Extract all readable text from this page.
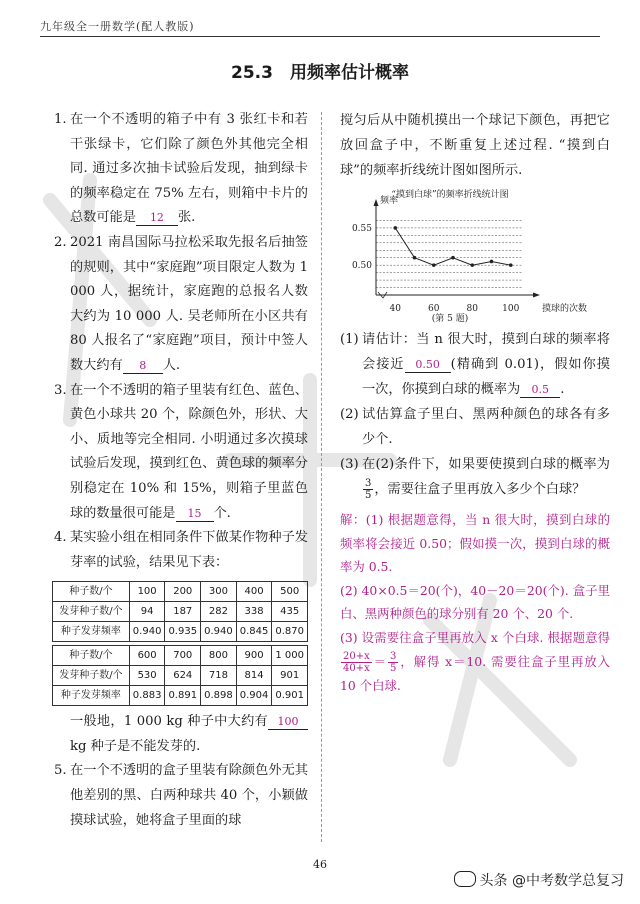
九年级全一册数学(配人教版)
25.3　用频率估计概率
1. 在一个不透明的箱子中有 3 张红卡和若干张绿卡，它们除了颜色外其他完全相同. 通过多次抽卡试验后发现，抽到绿卡的频率稳定在 75% 左右，则箱中卡片的总数可能是 12 张.
2. 2021 南昌国际马拉松采取先报名后抽签的规则，其中“家庭跑”项目限定人数为 1 000 人，据统计，家庭跑的总报名人数大约为 10 000 人. 吴老师所在小区共有 80 人报名了“家庭跑”项目，预计中签人数大约有 8 人.
3. 在一个不透明的箱子里装有红色、蓝色、黄色小球共 20 个，除颜色外，形状、大小、质地等完全相同. 小明通过多次摸球试验后发现，摸到红色、黄色球的频率分别稳定在 10% 和 15%，则箱子里蓝色球的数量很可能是 15 个.
4. 某实验小组在相同条件下做某作物种子发芽率的试验，结果见下表：
种子数/个	100	200	300	400	500
发芽种子数/个	94	187	282	338	435
种子发芽频率	0.940	0.935	0.940	0.845	0.870

种子数/个	600	700	800	900	1 000
发芽种子数/个	530	624	718	814	901
种子发芽频率	0.883	0.891	0.898	0.904	0.901
一般地，1 000 kg 种子中大约有 100kg 种子是不能发芽的.
5. 在一个不透明的盒子里装有除颜色外无其他差别的黑、白两种球共 40 个，小颖做摸球试验，她将盒子里面的球

搅匀后从中随机摸出一个球记下颜色，再把它放回盒子中，不断重复上述过程. “摸到白球”的频率折线统计图如图所示.

“摸到白球”的频率折线统计图
频率
摸球的次数
0.55
0.50
40	60	80	100
(第 5 题)

(1) 请估计：当 n 很大时，摸到白球的频率将会接近 0.50 (精确到 0.01)，假如你摸一次，你摸到白球的概率为 0.5 .

(2) 试估算盒子里白、黑两种颜色的球各有多少个.

(3) 在(2)条件下，如果要使摸到白球的概率为
$\frac{3}{5}$ ，需要往盒子里再放入多少个白球？

解：(1) 根据题意得，当 n 很大时，摸到白球的频率将会接近 0.50；假如摸一次，摸到白球的概率为 0.5.

(2) 40×0.5＝20(个)，40－20＝20(个). 盒子里白、黑两种颜色的球分别有 20 个、20 个.

(3) 设需要往盒子里再放入 x 个白球. 根据题意得
$\frac{20+x}{40+x} = \frac{3}{5}$ ，解得 x＝10. 需要往盒子里再放入 10 个白球.

46
头条 @中考数学总复习
